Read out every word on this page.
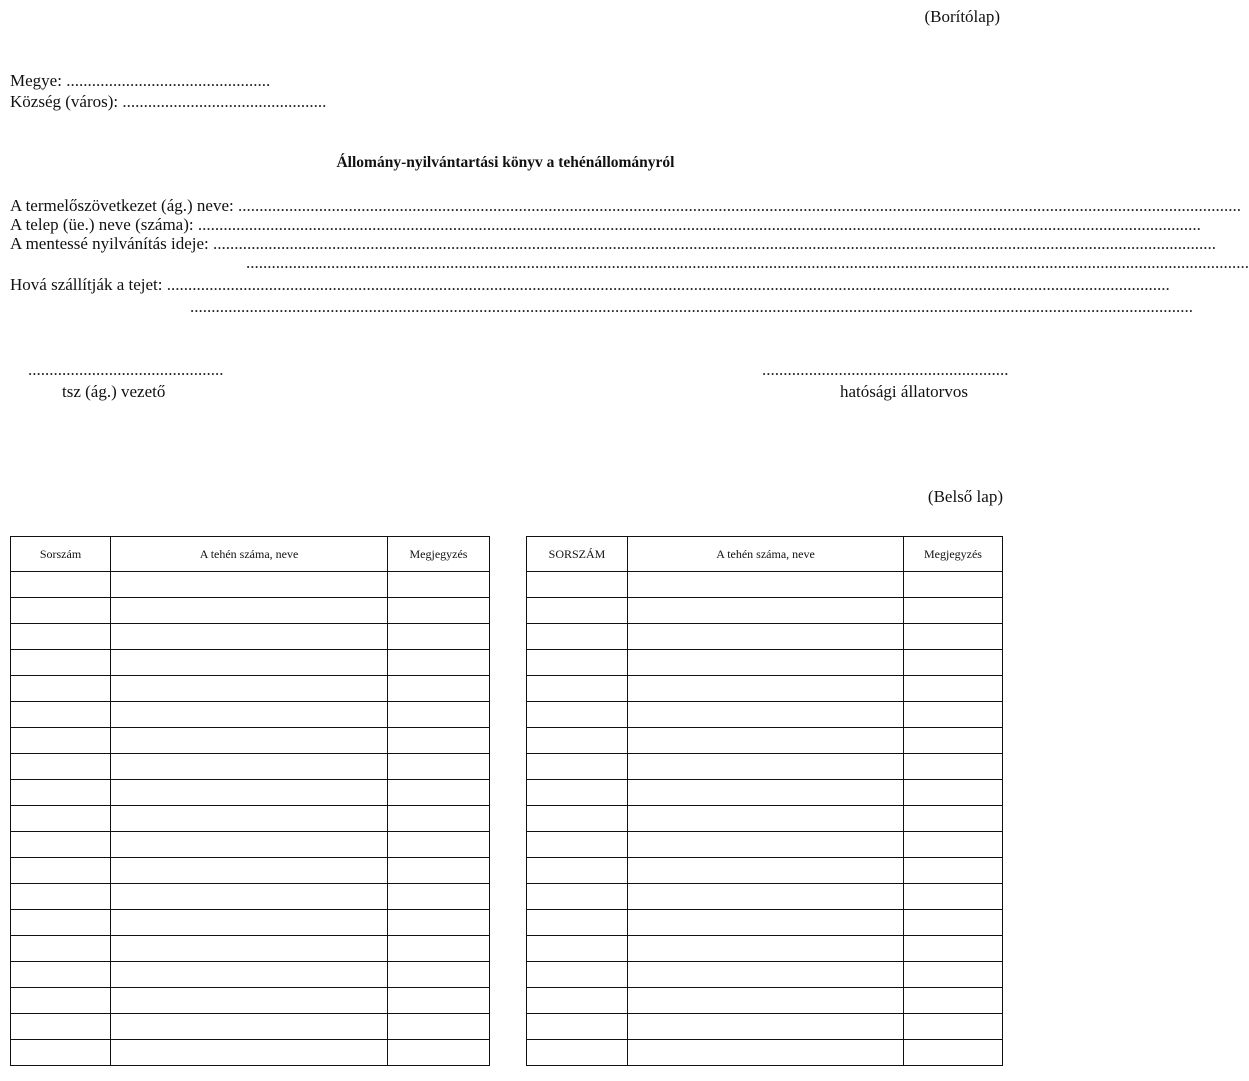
(Borítólap)
Megye: ................................................
Község (város): ................................................
Állomány-nyilvántartási könyv a tehénállományról
A termelőszövetkezet (ág.) neve:
............................................................................................................................................................................................................................................
A telep (üe.) neve (száma):
............................................................................................................................................................................................................................................
A mentessé nyilvánítás ideje:
............................................................................................................................................................................................................................................
............................................................................................................................................................................................................................................
Hová szállítják a tejet:
............................................................................................................................................................................................................................................
............................................................................................................................................................................................................................................
..............................................
tsz (ág.) vezető
..........................................................
hatósági állatorvos
(Belső lap)
Sorszám	A tehén száma, neve	Megjegyzés

			SORSZÁM	A tehén száma, neve	Megjegyzés
